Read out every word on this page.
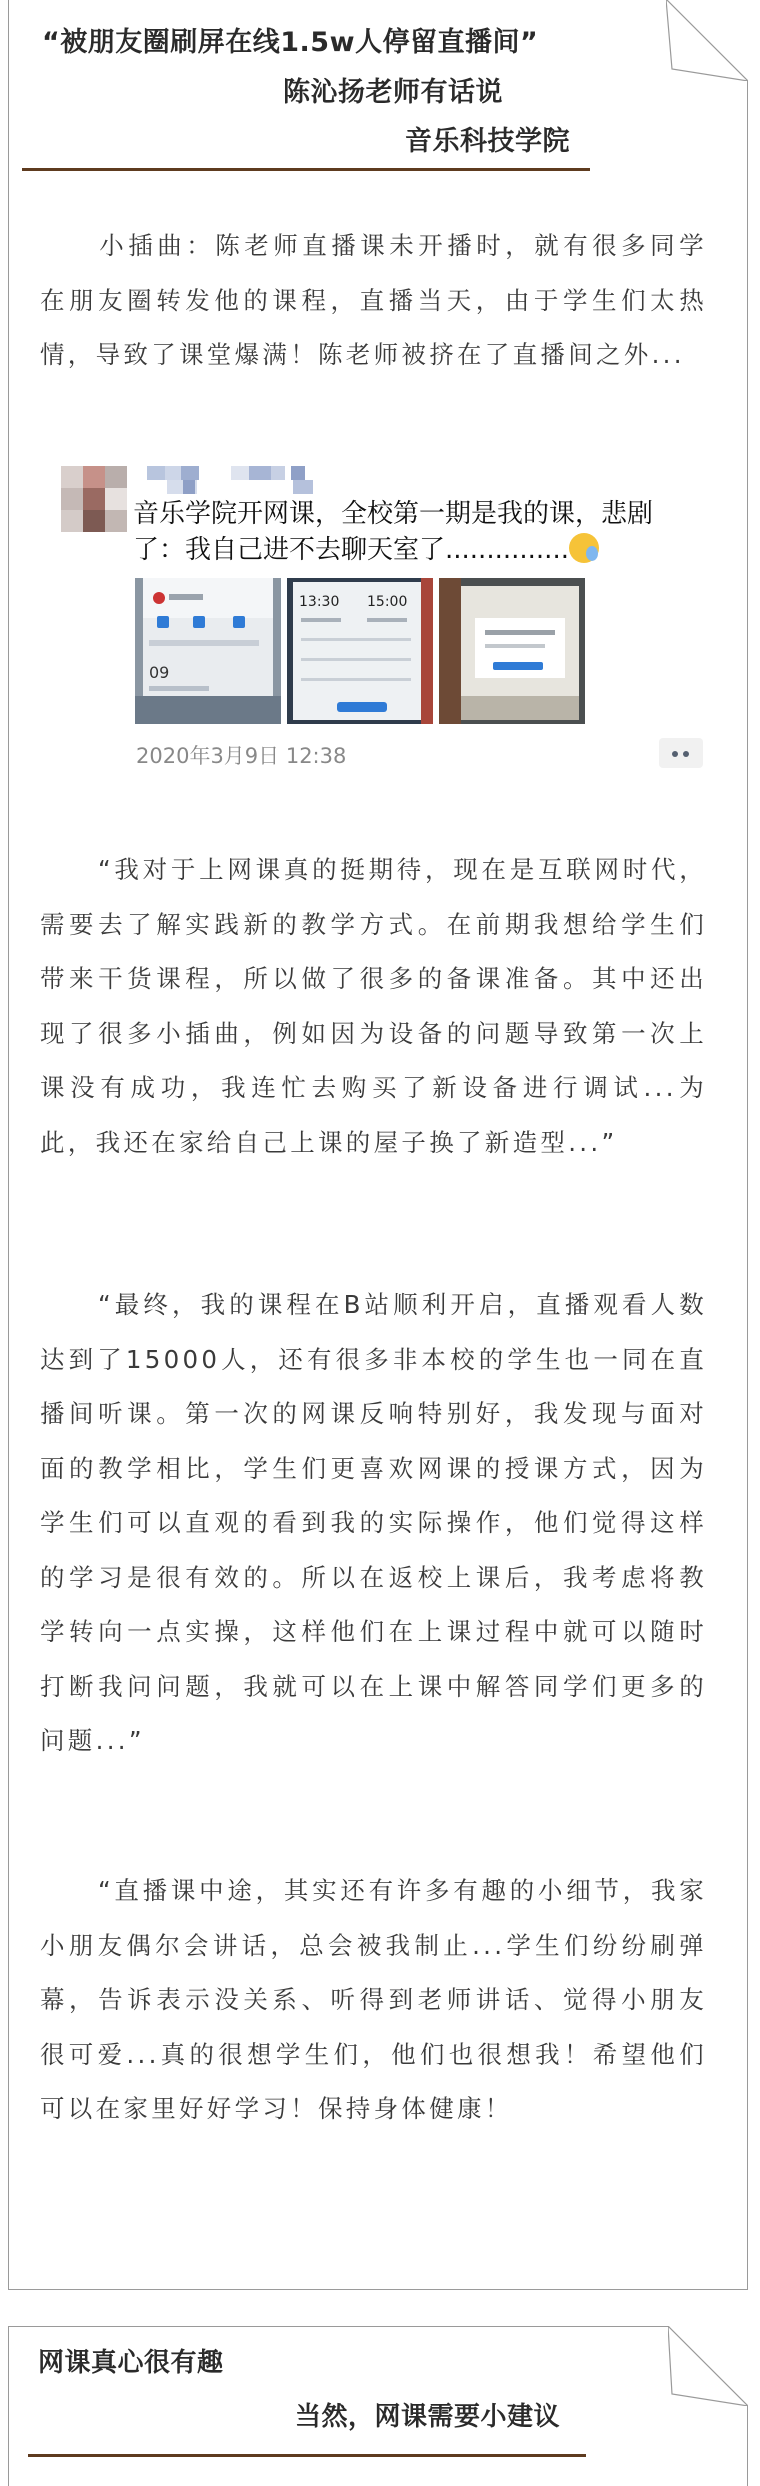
“被朋友圈刷屏在线1.5w人停留直播间”
陈沁扬老师有话说
音乐科技学院
小插曲：陈老师直播课未开播时，就有很多同学在朋友圈转发他的课程，直播当天，由于学生们太热情，导致了课堂爆满！陈老师被挤在了直播间之外...
音乐学院开网课，全校第一期是我的课，悲剧了：我自己进不去聊天室了...............
09
13:30 15:00
2020年3月9日 12:38
“我对于上网课真的挺期待，现在是互联网时代，需要去了解实践新的教学方式。在前期我想给学生们带来干货课程，所以做了很多的备课准备。其中还出现了很多小插曲，例如因为设备的问题导致第一次上课没有成功，我连忙去购买了新设备进行调试...为此，我还在家给自己上课的屋子换了新造型...”
“最终，我的课程在B站顺利开启，直播观看人数达到了15000人，还有很多非本校的学生也一同在直播间听课。第一次的网课反响特别好，我发现与面对面的教学相比，学生们更喜欢网课的授课方式，因为学生们可以直观的看到我的实际操作，他们觉得这样的学习是很有效的。所以在返校上课后，我考虑将教学转向一点实操，这样他们在上课过程中就可以随时打断我问问题，我就可以在上课中解答同学们更多的问题...”
“直播课中途，其实还有许多有趣的小细节，我家小朋友偶尔会讲话，总会被我制止...学生们纷纷刷弹幕，告诉表示没关系、听得到老师讲话、觉得小朋友很可爱...真的很想学生们，他们也很想我！希望他们可以在家里好好学习！保持身体健康！
网课真心很有趣
当然，网课需要小建议
